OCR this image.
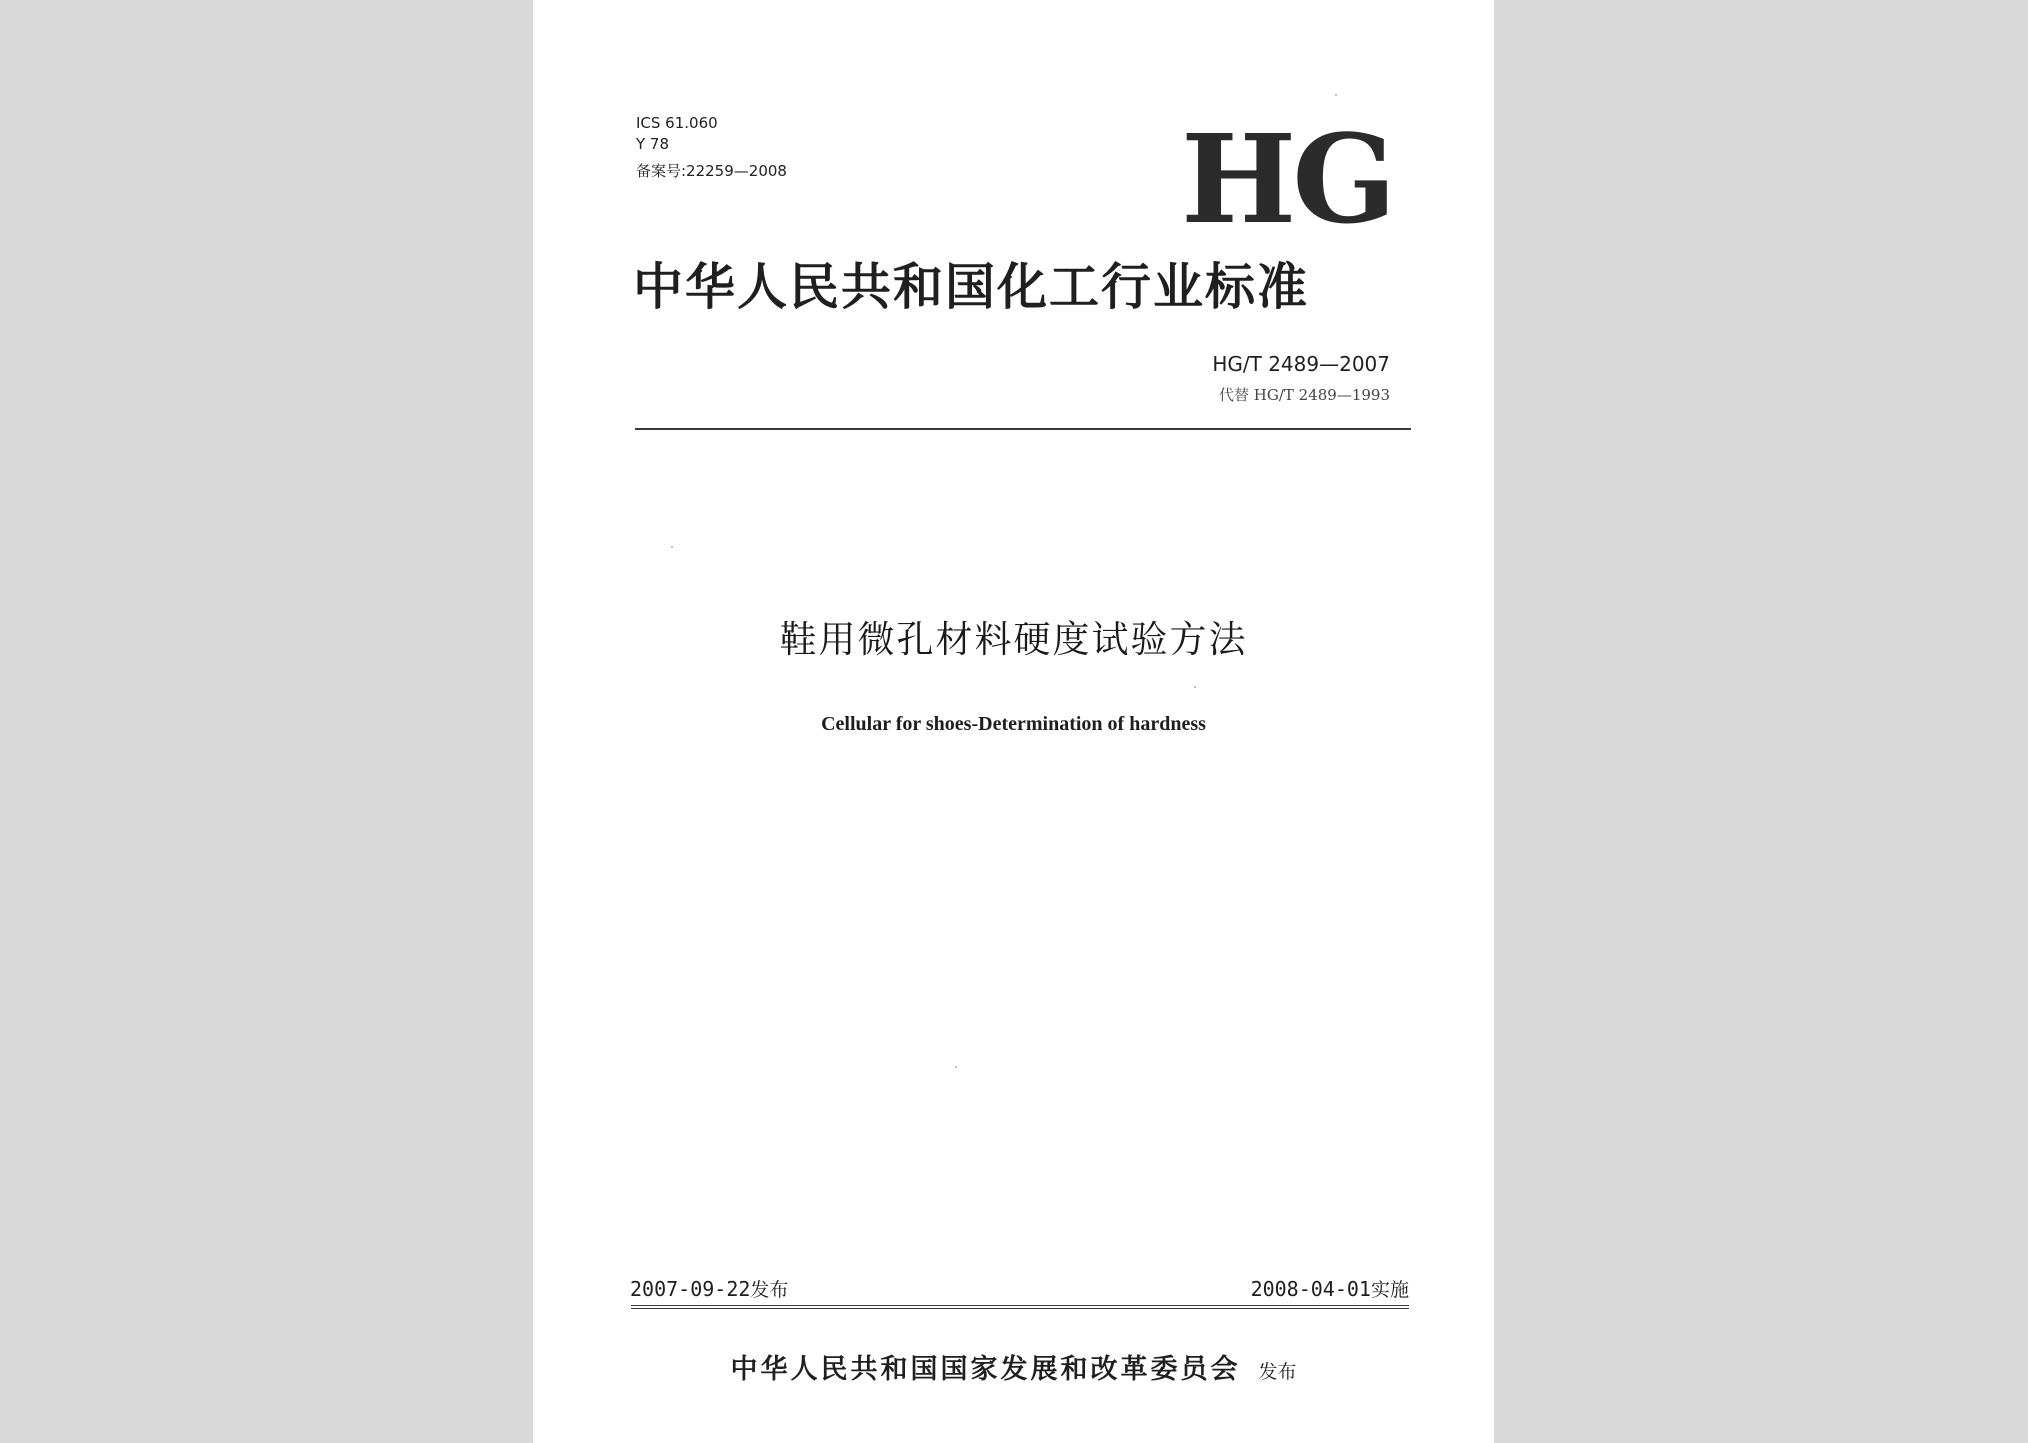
ICS 61.060
Y 78
备案号:22259—2008	HG
中华人民共和国化工行业标准
HG/T 2489—2007
代替 HG/T 2489—1993
鞋用微孔材料硬度试验方法
Cellular for shoes-Determination of hardness
2007-09-22发布	2008-04-01实施
中华人民共和国国家发展和改革委员会 发布
